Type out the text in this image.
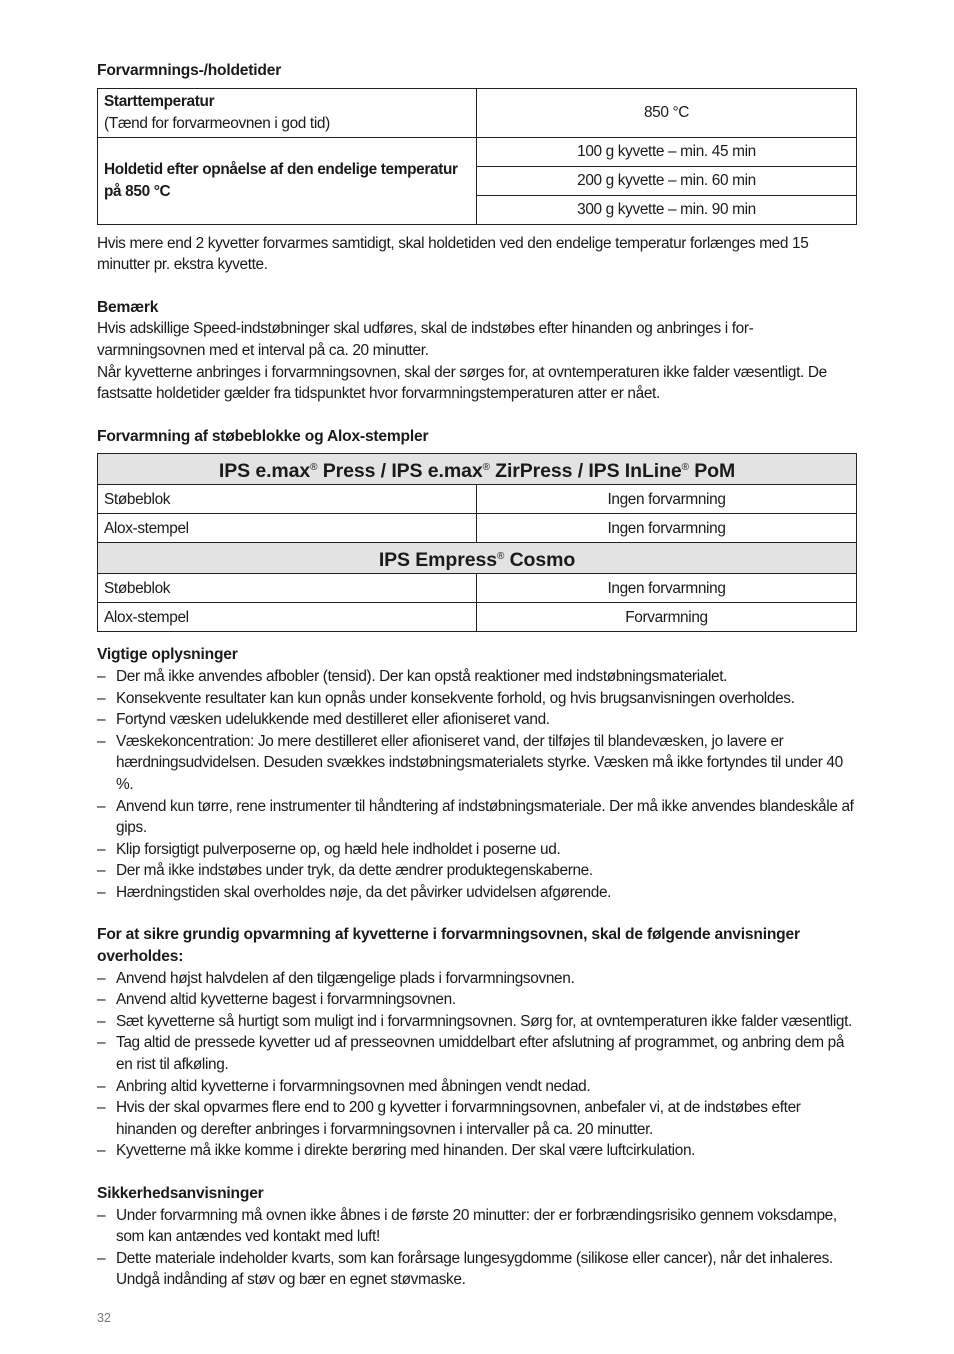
Forvarmnings-/holdetider

Starttemperatur
(Tænd for forvarmeovnen i god tid)	850 °C
Holdetid efter opnåelse af den endelige temperatur på 850 °C	100 g kyvette – min. 45 min
	200 g kyvette – min. 60 min
	300 g kyvette – min. 90 min

Hvis mere end 2 kyvetter forvarmes samtidigt, skal holdetiden ved den endelige temperatur forlænges med 15 minutter pr. ekstra kyvette.

Bemærk

Hvis adskillige Speed-indstøbninger skal udføres, skal de indstøbes efter hinanden og anbringes i forvarmningsovnen med et interval på ca. 20 minutter.

Når kyvetterne anbringes i forvarmningsovnen, skal der sørges for, at ovntemperaturen ikke falder væsentligt. De fastsatte holdetider gælder fra tidspunktet hvor forvarmningstemperaturen atter er nået.

Forvarmning af støbeblokke og Alox-stempler

IPS e.max® Press / IPS e.max® ZirPress / IPS InLine® PoM	
Støbeblok	Ingen forvarmning
Alox-stempel	Ingen forvarmning
IPS Empress® Cosmo	
Støbeblok	Ingen forvarmning
Alox-stempel	Forvarmning

Vigtige oplysninger

– Der må ikke anvendes afbobler (tensid). Der kan opstå reaktioner med indstøbningsmaterialet.
– Konsekvente resultater kan kun opnås under konsekvente forhold, og hvis brugsanvisningen overholdes.
– Fortynd væsken udelukkende med destilleret eller afioniseret vand.
– Væskekoncentration: Jo mere destilleret eller afioniseret vand, der tilføjes til blandevæsken, jo lavere er hærdningsudvidelsen. Desuden svækkes indstøbningsmaterialets styrke. Væsken må ikke fortyndes til under 40 %.
– Anvend kun tørre, rene instrumenter til håndtering af indstøbningsmateriale. Der må ikke anvendes blandeskåle af gips.
– Klip forsigtigt pulverposerne op, og hæld hele indholdet i poserne ud.
– Der må ikke indstøbes under tryk, da dette ændrer produktegenskaberne.
– Hærdningstiden skal overholdes nøje, da det påvirker udvidelsen afgørende.

For at sikre grundig opvarmning af kyvetterne i forvarmningsovnen, skal de følgende anvisninger overholdes:

– Anvend højst halvdelen af den tilgængelige plads i forvarmningsovnen.
– Anvend altid kyvetterne bagest i forvarmningsovnen.
– Sæt kyvetterne så hurtigt som muligt ind i forvarmningsovnen. Sørg for, at ovntemperaturen ikke falder væsentligt.
– Tag altid de pressede kyvetter ud af presseovnen umiddelbart efter afslutning af programmet, og anbring dem på en rist til afkøling.
– Anbring altid kyvetterne i forvarmningsovnen med åbningen vendt nedad.
– Hvis der skal opvarmes flere end to 200 g kyvetter i forvarmningsovnen, anbefaler vi, at de indstøbes efter hinanden og derefter anbringes i forvarmningsovnen i intervaller på ca. 20 minutter.
– Kyvetterne må ikke komme i direkte berøring med hinanden. Der skal være luftcirkulation.

Sikkerhedsanvisninger

– Under forvarmning må ovnen ikke åbnes i de første 20 minutter: der er forbrændingsrisiko gennem voksdampe, som kan antændes ved kontakt med luft!
– Dette materiale indeholder kvarts, som kan forårsage lungesygdomme (silikose eller cancer), når det inhaleres. Undgå indånding af støv og bær en egnet støvmaske.
32
